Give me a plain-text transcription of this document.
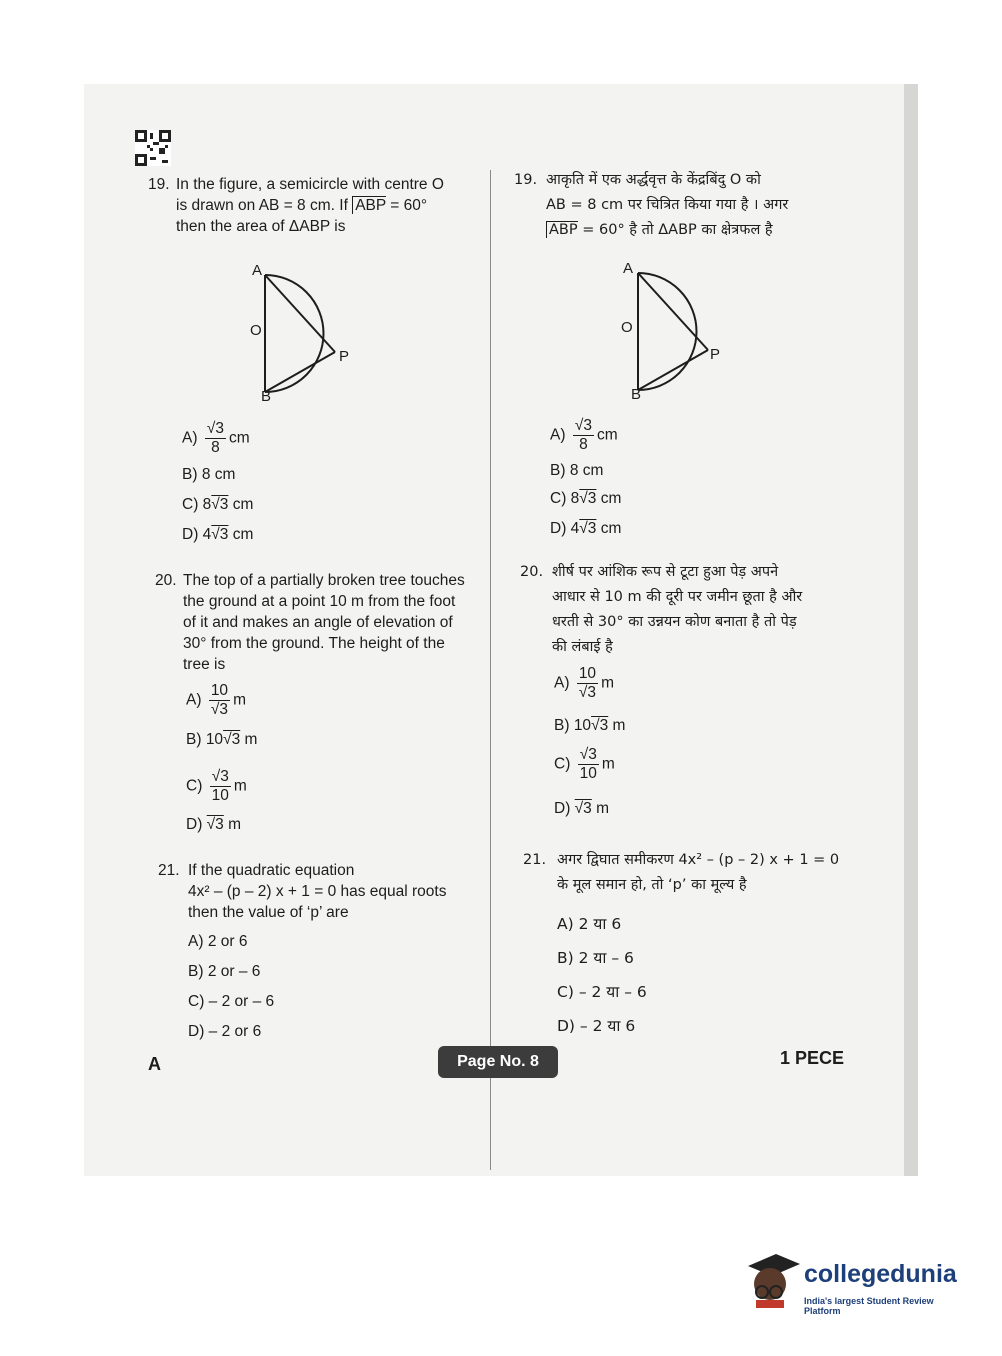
19. In the figure, a semicircle with centre O
is drawn on AB = 8 cm. If ABP = 60°
then the area of ΔABP is
A
O
P
B
$A) \frac{√3}{8}$ cm
B) 8 cm
C) 8√3 cm
D) 4√3 cm
20. The top of a partially broken tree touches
the ground at a point 10 m from the foot
of it and makes an angle of elevation of
30° from the ground. The height of the
tree is
$A) \frac{10}{√3}$ m
B) 10√3 m
$C) \frac{√3}{10}$ m
D) √3 m
21. If the quadratic equation
4x² – (p – 2) x + 1 = 0 has equal roots
then the value of ‘p’ are
A) 2 or 6
B) 2 or – 6
C) – 2 or – 6
D) – 2 or 6
19. आकृति में एक अर्द्धवृत्त के केंद्रबिंदु O को
AB = 8 cm पर चित्रित किया गया है । अगर
ABP = 60° है तो ΔABP का क्षेत्रफल है
A
O
P
B
$A) \frac{√3}{8}$ cm
B) 8 cm
C) 8√3 cm
D) 4√3 cm
20. शीर्ष पर आंशिक रूप से टूटा हुआ पेड़ अपने
आधार से 10 m की दूरी पर जमीन छूता है और
धरती से 30° का उन्नयन कोण बनाता है तो पेड़
की लंबाई है
$A) \frac{10}{√3}$ m
B) 10√3 m
$C) \frac{√3}{10}$ m
D) √3 m
21. अगर द्विघात समीकरण 4x² – (p – 2) x + 1 = 0
के मूल समान हो, तो ‘p’ का मूल्य है
A) 2 या 6
B) 2 या – 6
C) – 2 या – 6
D) – 2 या 6
A	Page No. 8	1 PECE
collegedunia
India's largest Student Review Platform
